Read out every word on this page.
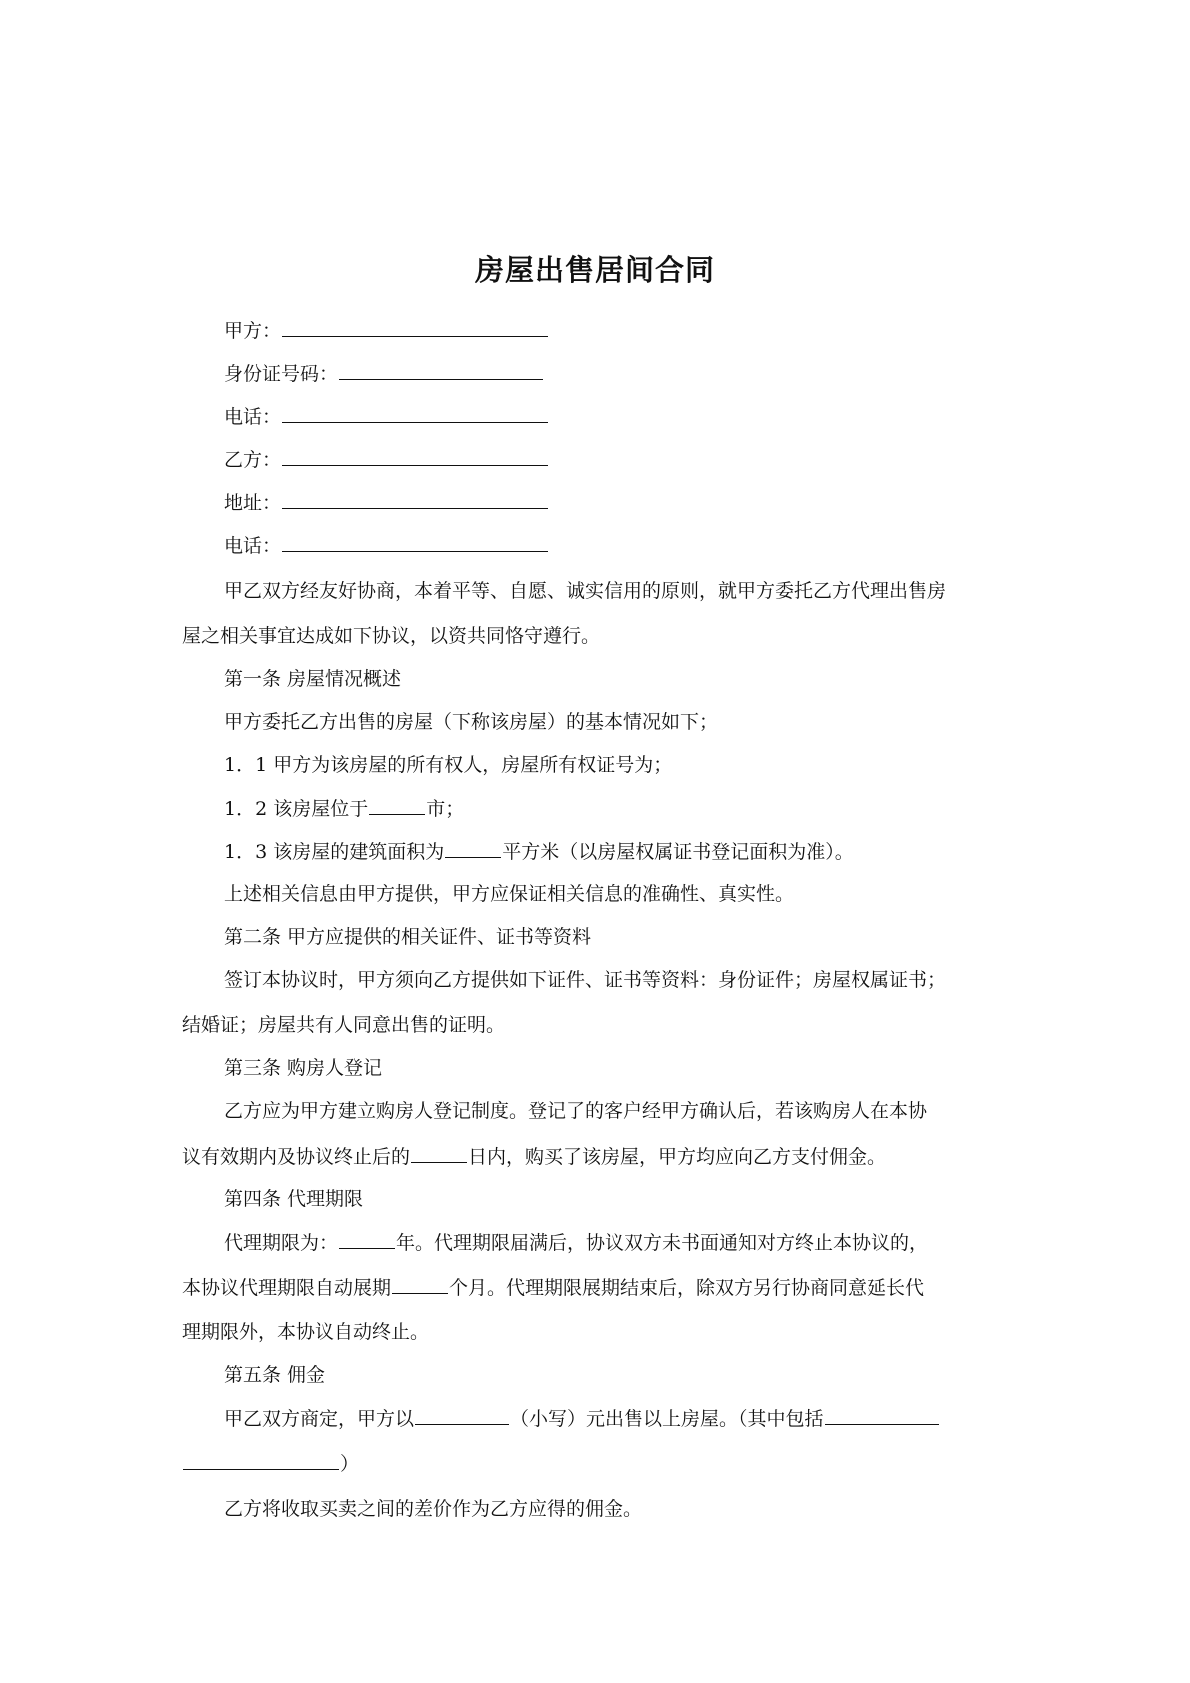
房屋出售居间合同
甲方：
身份证号码：
电话：
乙方：
地址：
电话：
甲乙双方经友好协商，本着平等、自愿、诚实信用的原则，就甲方委托乙方代理出售房
屋之相关事宜达成如下协议，以资共同恪守遵行。
第一条 房屋情况概述
甲方委托乙方出售的房屋（下称该房屋）的基本情况如下；
1．1 甲方为该房屋的所有权人，房屋所有权证号为；
1．2 该房屋位于	市；
1．3 该房屋的建筑面积为	平方米（以房屋权属证书登记面积为准）。
上述相关信息由甲方提供，甲方应保证相关信息的准确性、真实性。
第二条 甲方应提供的相关证件、证书等资料
签订本协议时，甲方须向乙方提供如下证件、证书等资料：身份证件；房屋权属证书；
结婚证；房屋共有人同意出售的证明。
第三条 购房人登记
乙方应为甲方建立购房人登记制度。登记了的客户经甲方确认后，若该购房人在本协
议有效期内及协议终止后的	日内，购买了该房屋，甲方均应向乙方支付佣金。
第四条 代理期限
代理期限为：	年。代理期限届满后，协议双方未书面通知对方终止本协议的，
本协议代理期限自动展期	个月。代理期限展期结束后，除双方另行协商同意延长代
理期限外，本协议自动终止。
第五条 佣金
甲乙双方商定，甲方以	（小写）元出售以上房屋。（其中包括
）
乙方将收取买卖之间的差价作为乙方应得的佣金。
